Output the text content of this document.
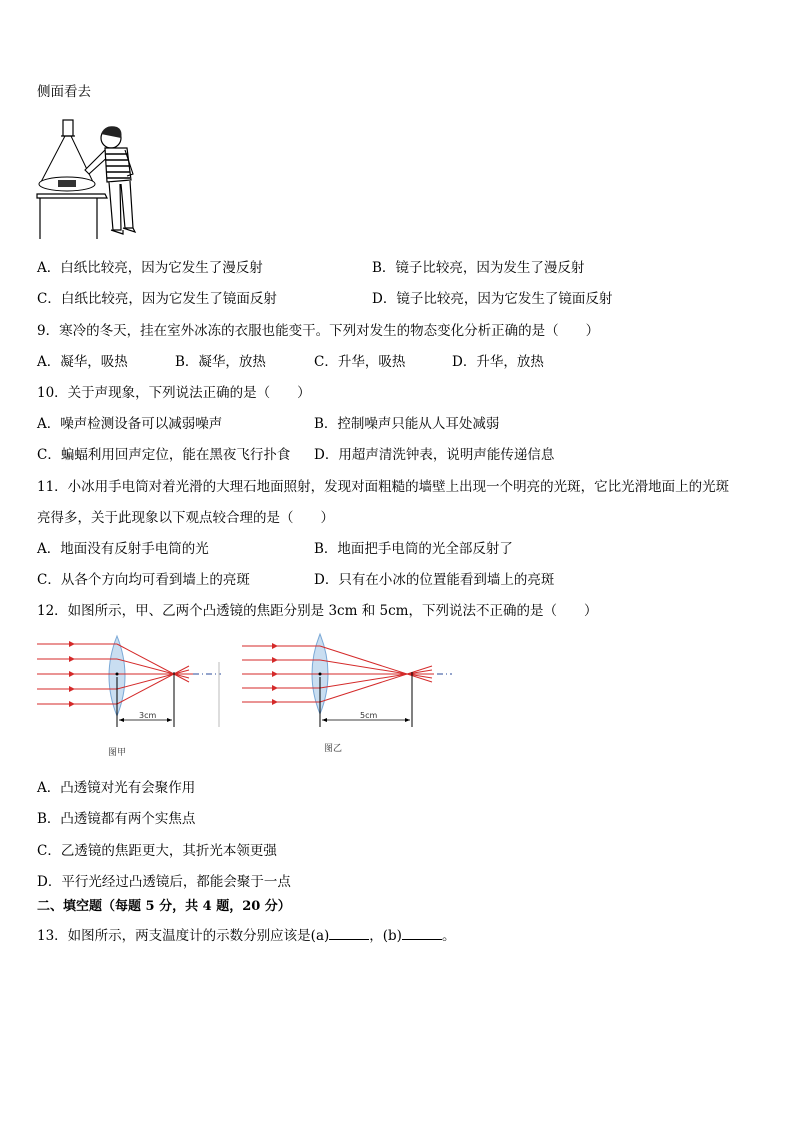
侧面看去
A．白纸比较亮，因为它发生了漫反射	B．镜子比较亮，因为发生了漫反射
C．白纸比较亮，因为它发生了镜面反射	D．镜子比较亮，因为它发生了镜面反射
9．寒冷的冬天，挂在室外冰冻的衣服也能变干。下列对发生的物态变化分析正确的是（　　）
A．凝华，吸热	B．凝华，放热	C．升华，吸热	D．升华，放热
10．关于声现象，下列说法正确的是（　　）
A．噪声检测设备可以减弱噪声	B．控制噪声只能从人耳处减弱
C．蝙蝠利用回声定位，能在黑夜飞行扑食 D．用超声清洗钟表，说明声能传递信息
11．小冰用手电筒对着光滑的大理石地面照射，发现对面粗糙的墙壁上出现一个明亮的光斑，它比光滑地面上的光斑
亮得多，关于此现象以下观点较合理的是（　　）
A．地面没有反射手电筒的光	B．地面把手电筒的光全部反射了
C．从各个方向均可看到墙上的亮斑	D．只有在小冰的位置能看到墙上的亮斑
12．如图所示，甲、乙两个凸透镜的焦距分别是 3cm 和 5cm，下列说法不正确的是（　　）
3cm
图甲
5cm
图乙
A．凸透镜对光有会聚作用
B．凸透镜都有两个实焦点
C．乙透镜的焦距更大，其折光本领更强
D．平行光经过凸透镜后，都能会聚于一点
二、填空题（每题 5 分，共 4 题，20 分）
13．如图所示，两支温度计的示数分别应该是(a)	，(b)	。
